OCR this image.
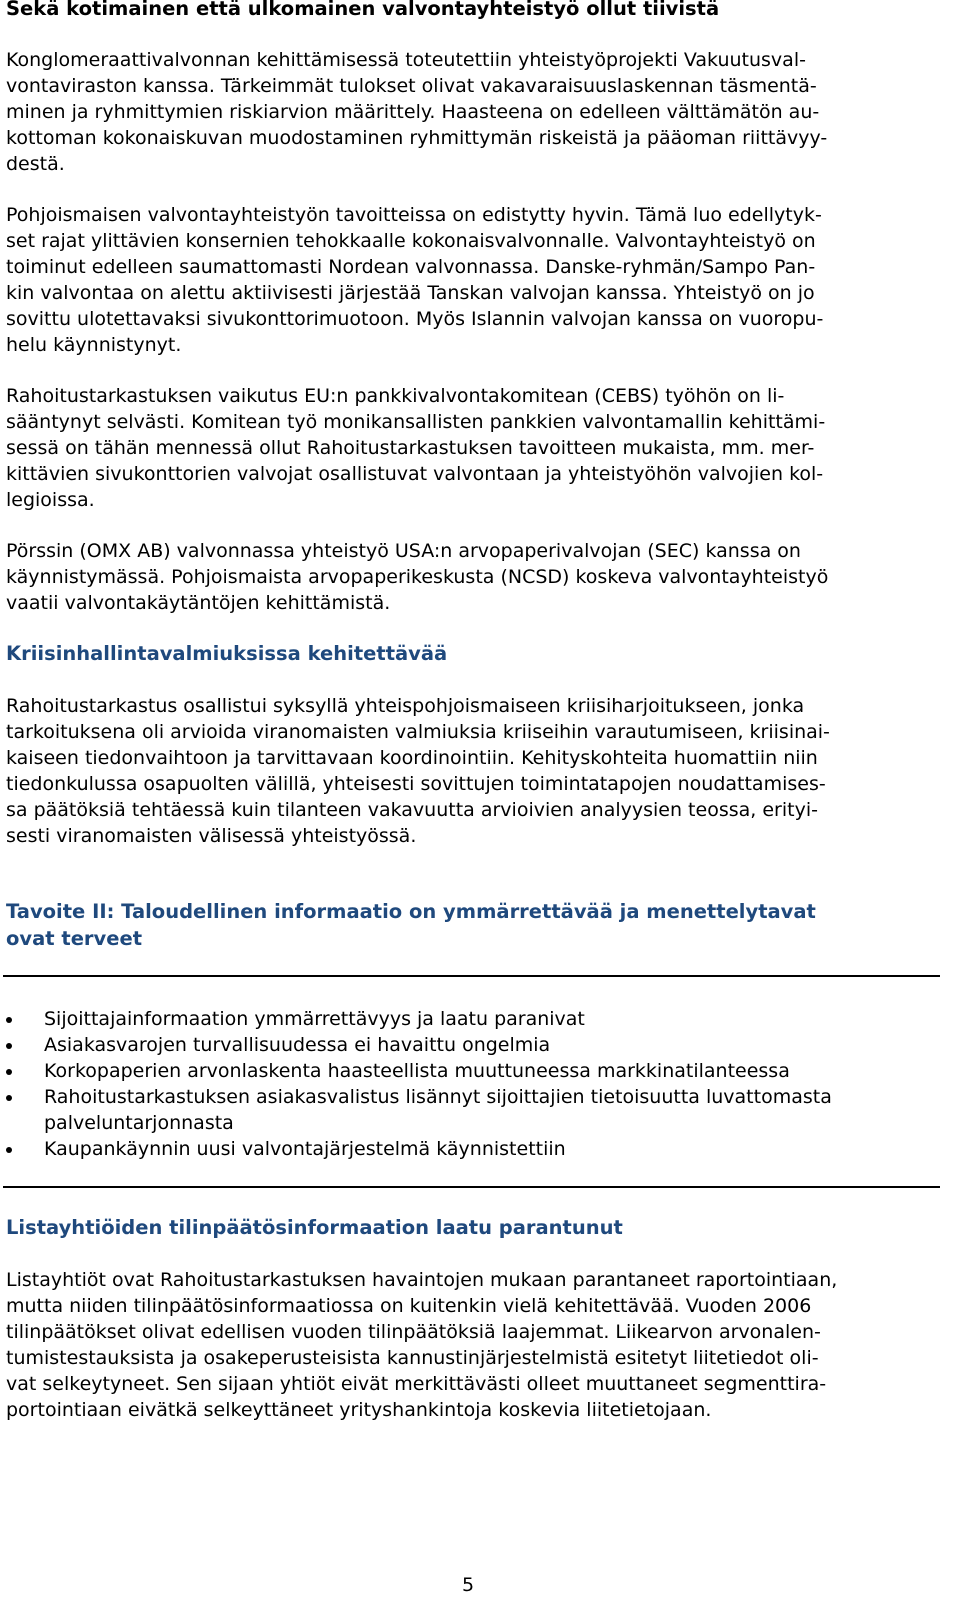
Sekä kotimainen että ulkomainen valvontayhteistyö ollut tiivistä

Konglomeraattivalvonnan kehittämisessä toteutettiin yhteistyöprojekti Vakuutusval-
vontaviraston kanssa. Tärkeimmät tulokset olivat vakavaraisuuslaskennan täsmentä-
minen ja ryhmittymien riskiarvion määrittely. Haasteena on edelleen välttämätön au-
kottoman kokonaiskuvan muodostaminen ryhmittymän riskeistä ja pääoman riittävyy-
destä.

Pohjoismaisen valvontayhteistyön tavoitteissa on edistytty hyvin. Tämä luo edellytyk-
set rajat ylittävien konsernien tehokkaalle kokonaisvalvonnalle. Valvontayhteistyö on
toiminut edelleen saumattomasti Nordean valvonnassa. Danske-ryhmän/Sampo Pan-
kin valvontaa on alettu aktiivisesti järjestää Tanskan valvojan kanssa. Yhteistyö on jo
sovittu ulotettavaksi sivukonttorimuotoon. Myös Islannin valvojan kanssa on vuoropu-
helu käynnistynyt.

Rahoitustarkastuksen vaikutus EU:n pankkivalvontakomitean (CEBS) työhön on li-
sääntynyt selvästi. Komitean työ monikansallisten pankkien valvontamallin kehittämi-
sessä on tähän mennessä ollut Rahoitustarkastuksen tavoitteen mukaista, mm. mer-
kittävien sivukonttorien valvojat osallistuvat valvontaan ja yhteistyöhön valvojien kol-
legioissa.

Pörssin (OMX AB) valvonnassa yhteistyö USA:n arvopaperivalvojan (SEC) kanssa on
käynnistymässä. Pohjoismaista arvopaperikeskusta (NCSD) koskeva valvontayhteistyö
vaatii valvontakäytäntöjen kehittämistä.

Kriisinhallintavalmiuksissa kehitettävää

Rahoitustarkastus osallistui syksyllä yhteispohjoismaiseen kriisiharjoitukseen, jonka
tarkoituksena oli arvioida viranomaisten valmiuksia kriiseihin varautumiseen, kriisinai-
kaiseen tiedonvaihtoon ja tarvittavaan koordinointiin. Kehityskohteita huomattiin niin
tiedonkulussa osapuolten välillä, yhteisesti sovittujen toimintatapojen noudattamises-
sa päätöksiä tehtäessä kuin tilanteen vakavuutta arvioivien analyysien teossa, erityi-
sesti viranomaisten välisessä yhteistyössä.

Tavoite II: Taloudellinen informaatio on ymmärrettävää ja menettelytavat
ovat terveet
Sijoittajainformaation ymmärrettävyys ja laatu paranivat
Asiakasvarojen turvallisuudessa ei havaittu ongelmia
Korkopaperien arvonlaskenta haasteellista muuttuneessa markkinatilanteessa
Rahoitustarkastuksen asiakasvalistus lisännyt sijoittajien tietoisuutta luvattomasta
palveluntarjonnasta
Kaupankäynnin uusi valvontajärjestelmä käynnistettiin
Listayhtiöiden tilinpäätösinformaation laatu parantunut

Listayhtiöt ovat Rahoitustarkastuksen havaintojen mukaan parantaneet raportointiaan,
mutta niiden tilinpäätösinformaatiossa on kuitenkin vielä kehitettävää. Vuoden 2006
tilinpäätökset olivat edellisen vuoden tilinpäätöksiä laajemmat. Liikearvon arvonalen-
tumistestauksista ja osakeperusteisista kannustinjärjestelmistä esitetyt liitetiedot oli-
vat selkeytyneet. Sen sijaan yhtiöt eivät merkittävästi olleet muuttaneet segmenttira-
portointiaan eivätkä selkeyttäneet yrityshankintoja koskevia liitetietojaan.

5
